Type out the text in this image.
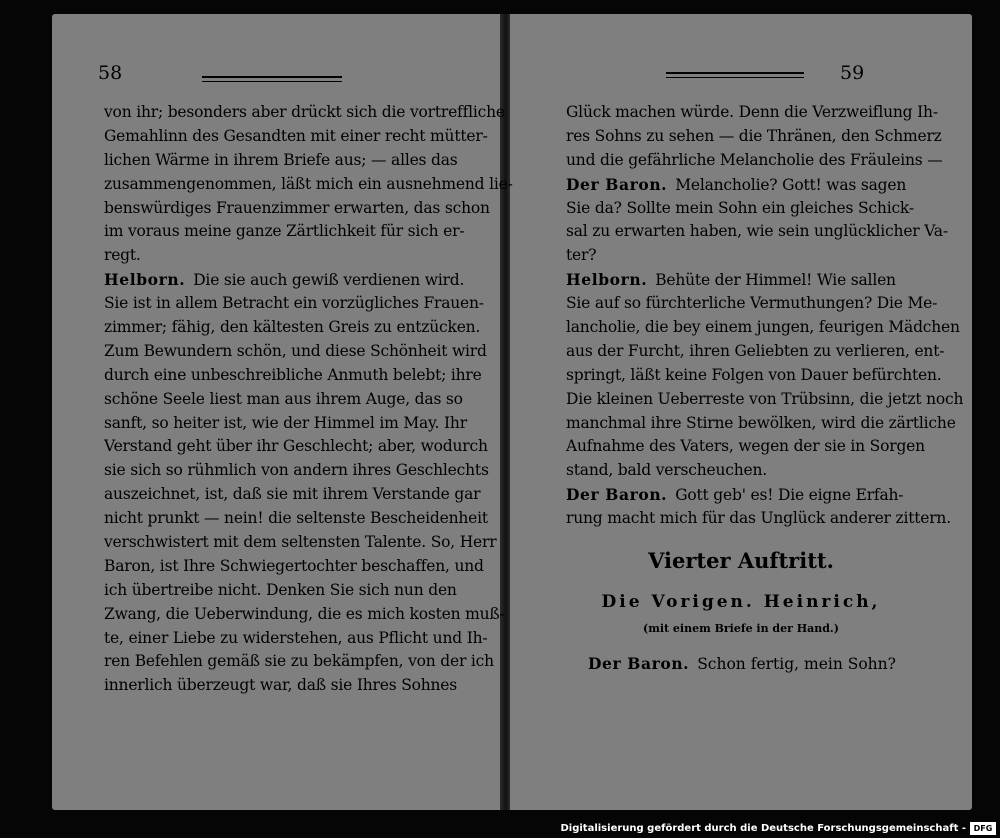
58	59
von ihr; besonders aber drückt sich die vortreffliche
Gemahlinn des Gesandten mit einer recht mütter-
lichen Wärme in ihrem Briefe aus; — alles das
zusammengenommen, läßt mich ein ausnehmend lie-
benswürdiges Frauenzimmer erwarten, das schon
im voraus meine ganze Zärtlichkeit für sich er-
regt.
Helborn. Die sie auch gewiß verdienen wird.
Sie ist in allem Betracht ein vorzügliches Frauen-
zimmer; fähig, den kältesten Greis zu entzücken.
Zum Bewundern schön, und diese Schönheit wird
durch eine unbeschreibliche Anmuth belebt; ihre
schöne Seele liest man aus ihrem Auge, das so
sanft, so heiter ist, wie der Himmel im May. Ihr
Verstand geht über ihr Geschlecht; aber, wodurch
sie sich so rühmlich von andern ihres Geschlechts
auszeichnet, ist, daß sie mit ihrem Verstande gar
nicht prunkt — nein! die seltenste Bescheidenheit
verschwistert mit dem seltensten Talente. So, Herr
Baron, ist Ihre Schwiegertochter beschaffen, und
ich übertreibe nicht. Denken Sie sich nun den
Zwang, die Ueberwindung, die es mich kosten muß-
te, einer Liebe zu widerstehen, aus Pflicht und Ih-
ren Befehlen gemäß sie zu bekämpfen, von der ich
innerlich überzeugt war, daß sie Ihres Sohnes
Glück machen würde. Denn die Verzweiflung Ih-
res Sohns zu sehen — die Thränen, den Schmerz
und die gefährliche Melancholie des Fräuleins —
Der Baron. Melancholie? Gott! was sagen
Sie da? Sollte mein Sohn ein gleiches Schick-
sal zu erwarten haben, wie sein unglücklicher Va-
ter?
Helborn. Behüte der Himmel! Wie sallen
Sie auf so fürchterliche Vermuthungen? Die Me-
lancholie, die bey einem jungen, feurigen Mädchen
aus der Furcht, ihren Geliebten zu verlieren, ent-
springt, läßt keine Folgen von Dauer befürchten.
Die kleinen Ueberreste von Trübsinn, die jetzt noch
manchmal ihre Stirne bewölken, wird die zärtliche
Aufnahme des Vaters, wegen der sie in Sorgen
stand, bald verscheuchen.
Der Baron. Gott geb' es! Die eigne Erfah-
rung macht mich für das Unglück anderer zittern.
Vierter Auftritt.
Die Vorigen. Heinrich,
(mit einem Briefe in der Hand.)
Der Baron. Schon fertig, mein Sohn?
Digitalisierung gefördert durch die Deutsche Forschungsgemeinschaft - DFG
